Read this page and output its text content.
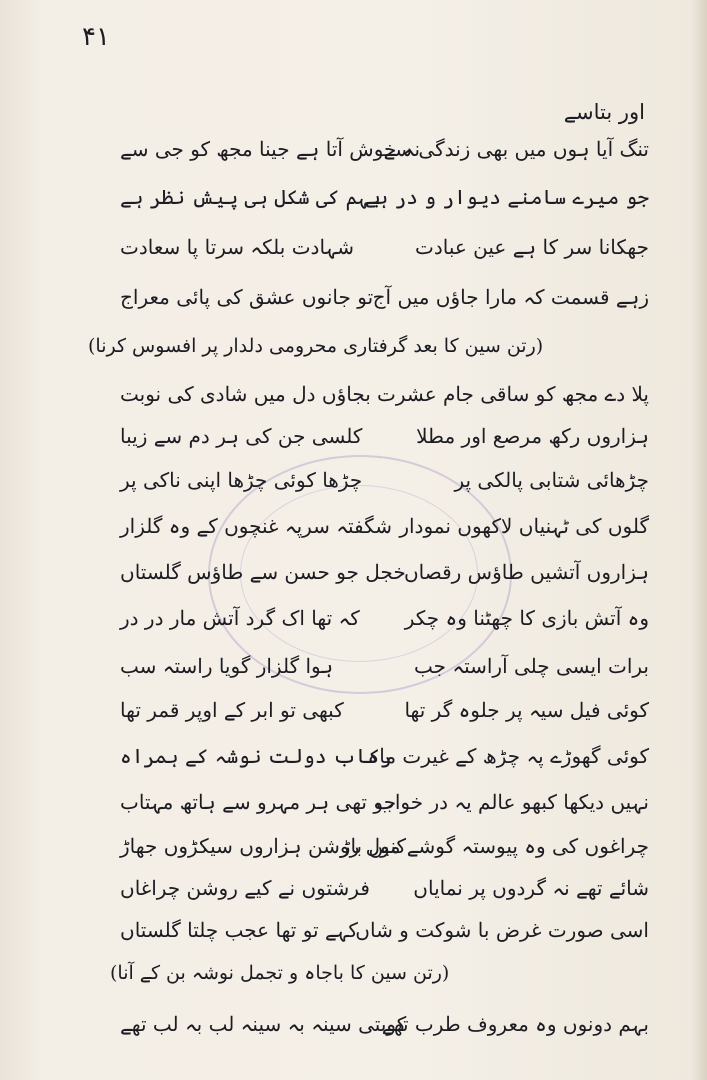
۴۱
اور بتاسے
تنگ آیا ہوں میں بھی زندگی سے
نہ خوش آتا ہے جینا مجھ کو جی سے
جو میرے سامنے دیوار و در ہے
بہم کی شکل ہی پیش نظر ہے
جھکانا سر کا ہے عین عبادت
شہادت بلکہ سرتا پا سعادت
زہے قسمت کہ مارا جاؤں میں آج
تو جانوں عشق کی پائی معراج
(رتن سین کا بعد گرفتاری محرومی دلدار پر افسوس کرنا)
پلا دے مجھ کو ساقی جام عشرت
بجاؤں دل میں شادی کی نوبت
ہزاروں رکھ مرصع اور مطلا
کلسی جن کی ہر دم سے زیبا
چڑھائی شتابی پالکی پر
چڑھا کوئی چڑھا اپنی ناکی پر
گلوں کی ٹہنیاں لاکھوں نمودار
شگفتہ سرپہ غنچوں کے وہ گلزار
ہزاروں آتشیں طاؤس رقصاں
خجل جو حسن سے طاؤس گلستاں
وہ آتش بازی کا چھٹنا وہ چکر
کہ تھا اک گرد آتش مار در در
برات ایسی چلی آراستہ جب
ہوا گلزار گویا راستہ سب
کوئی فیل سیہ پر جلوہ گر تھا
کبھی تو ابر کے اوپر قمر تھا
کوئی گھوڑے پہ چڑھ کے غیرت ماہ
رکاب دولت نوشہ کے ہمراہ
نہیں دیکھا کبھو عالم یہ در خواب
جو تھی ہر مہرو سے ہاتھ مہتاب
چراغوں کی وہ پیوستہ گوشے میں باڑ
کنول روشن ہزاروں سیکڑوں جھاڑ
شائے تھے نہ گردوں پر نمایاں
فرشتوں نے کیے روشن چراغاں
اسی صورت غرض با شوکت و شاں
کہے تو تھا عجب چلتا گلستاں
(رتن سین کا باجاہ و تجمل نوشہ بن کے آنا)
بہم دونوں وہ معروف طرب تھے
کوبتی سینہ بہ سینہ لب بہ لب تھے
